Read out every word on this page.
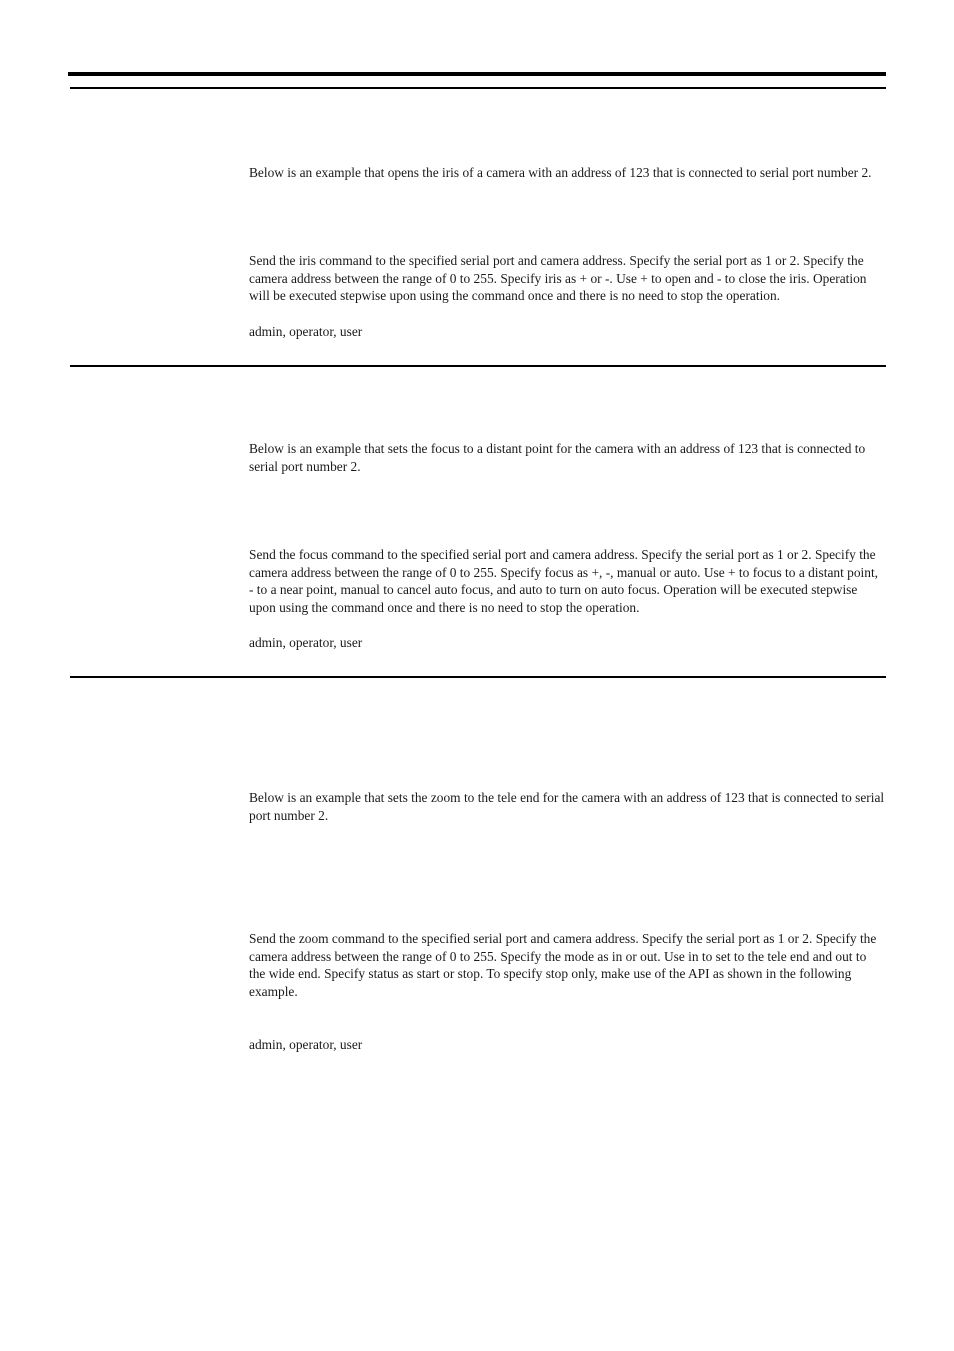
Below is an example that opens the iris of a camera with an address of 123 that is connected to serial port number 2.

Send the iris command to the specified serial port and camera address. Specify the serial port as 1 or 2. Specify the camera address between the range of 0 to 255. Specify iris as + or -. Use + to open and - to close the iris. Operation will be executed stepwise upon using the command once and there is no need to stop the operation.

admin, operator, user

Below is an example that sets the focus to a distant point for the camera with an address of 123 that is connected to serial port number 2.

Send the focus command to the specified serial port and camera address. Specify the serial port as 1 or 2. Specify the camera address between the range of 0 to 255. Specify focus as +, -, manual or auto. Use + to focus to a distant point, - to a near point, manual to cancel auto focus, and auto to turn on auto focus. Operation will be executed stepwise upon using the command once and there is no need to stop the operation.

admin, operator, user

Below is an example that sets the zoom to the tele end for the camera with an address of 123 that is connected to serial port number 2.

Send the zoom command to the specified serial port and camera address. Specify the serial port as 1 or 2. Specify the camera address between the range of 0 to 255. Specify the mode as in or out. Use in to set to the tele end and out to the wide end. Specify status as start or stop. To specify stop only, make use of the API as shown in the following example.

admin, operator, user
